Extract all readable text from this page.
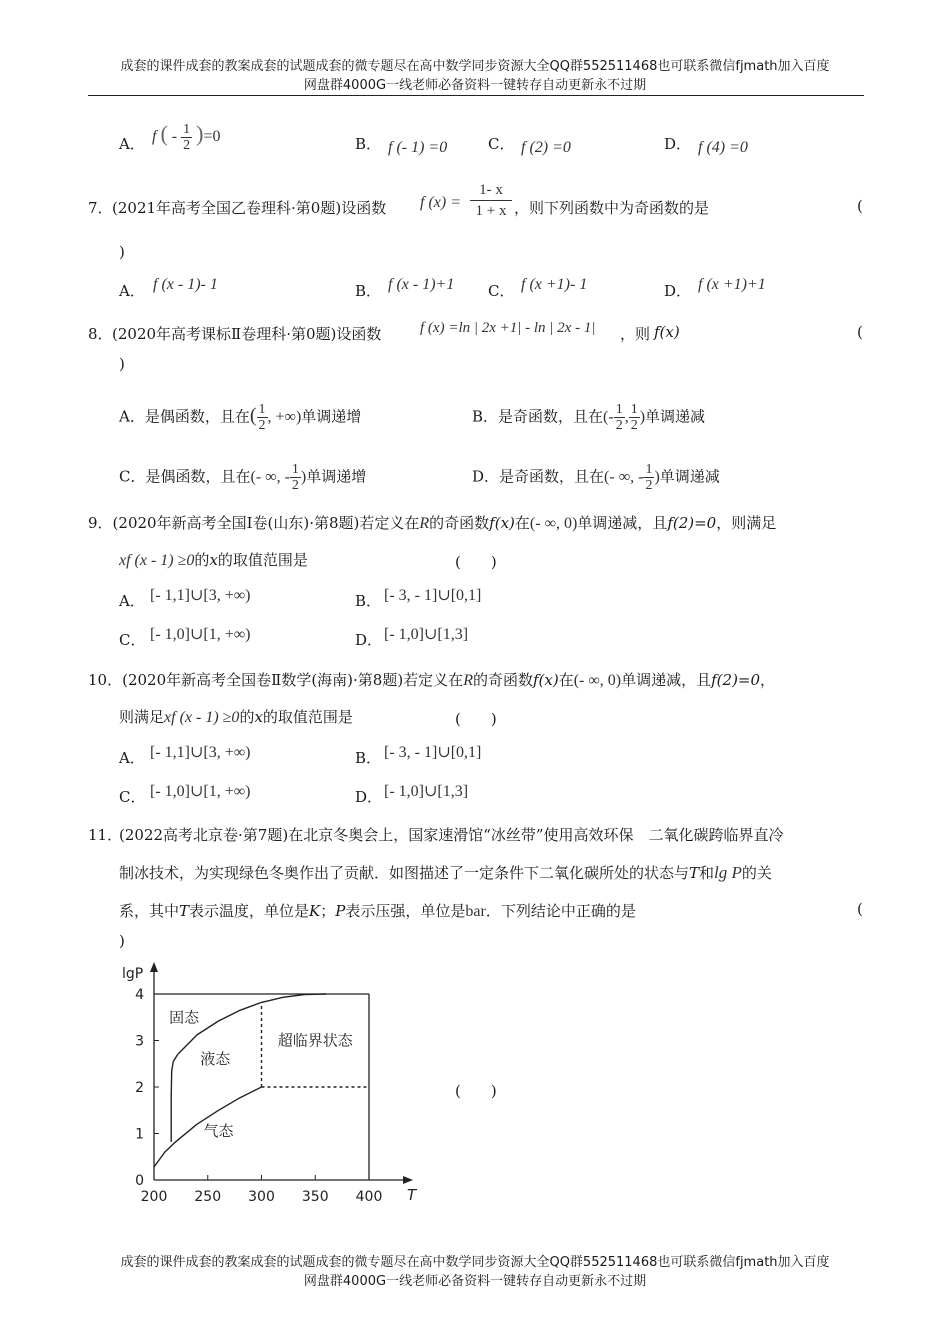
成套的课件成套的教案成套的试题成套的微专题尽在高中数学同步资源大全QQ群552511468也可联系微信fjmath加入百度
网盘群4000G一线老师必备资料一键转存自动更新永不过期
A． f ( - $\frac{1}{2} )=0$	B． f (- 1) =0	C． f (2) =0	D． f (4) =0
7． (2021年高考全国乙卷理科·第0题)设函数 f (x) =
1- x
1 + x ，则下列函数中为奇函数的是	(
)
A． f (x - 1)- 1	B． f (x - 1)+1 C． f (x +1)- 1	D． f (x +1)+1
8． (2020年高考课标Ⅱ卷理科·第0题)设函数	f (x) =ln | 2x +1| - ln | 2x - 1| ，则 f(x)	(
)
A．是偶函数，且在( $\frac{1}{2}$ , +∞)单调递增	B．是奇函数，且在(- $\frac{1}{2}$ , $\frac{1}{2}$ )单调递减
C．是偶函数，且在(- ∞, - $\frac{1}{2}$ )单调递增	D．是奇函数，且在(- ∞, - $\frac{1}{2}$ )单调递减
9．(2020年新高考全国Ⅰ卷(山东)·第8题)若定义在R的奇函数f(x)在(- ∞, 0)单调递减，且f(2)=0，则满足
xf (x - 1) ≥0的x的取值范围是	(　　)
A． [- 1,1]∪[3, +∞)	B． [- 3, - 1]∪[0,1]
C． [- 1,0]∪[1, +∞)	D． [- 1,0]∪[1,3]
10．(2020年新高考全国卷Ⅱ数学(海南)·第8题)若定义在R的奇函数f(x)在(- ∞, 0)单调递减，且f(2)=0，
则满足xf (x - 1) ≥0的x的取值范围是	(　　)
A． [- 1,1]∪[3, +∞)	B． [- 3, - 1]∪[0,1]
C． [- 1,0]∪[1, +∞)	D． [- 1,0]∪[1,3]
11．
(2022高考北京卷·第7题)在北京冬奥会上，国家速滑馆“冰丝带”使用高效环保　二氧化碳跨临界直冷
制冰技术，为实现绿色冬奥作出了贡献．如图描述了一定条件下二氧化碳所处的状态与T和lg P的关
系，其中T表示温度，单位是K；P表示压强，单位是bar．下列结论中正确的是	(
)
(　　)
200 250 300 350 400
0
1
2
3
4
lgP
T
固态
液态
超临界状态
气态
成套的课件成套的教案成套的试题成套的微专题尽在高中数学同步资源大全QQ群552511468也可联系微信fjmath加入百度
网盘群4000G一线老师必备资料一键转存自动更新永不过期
